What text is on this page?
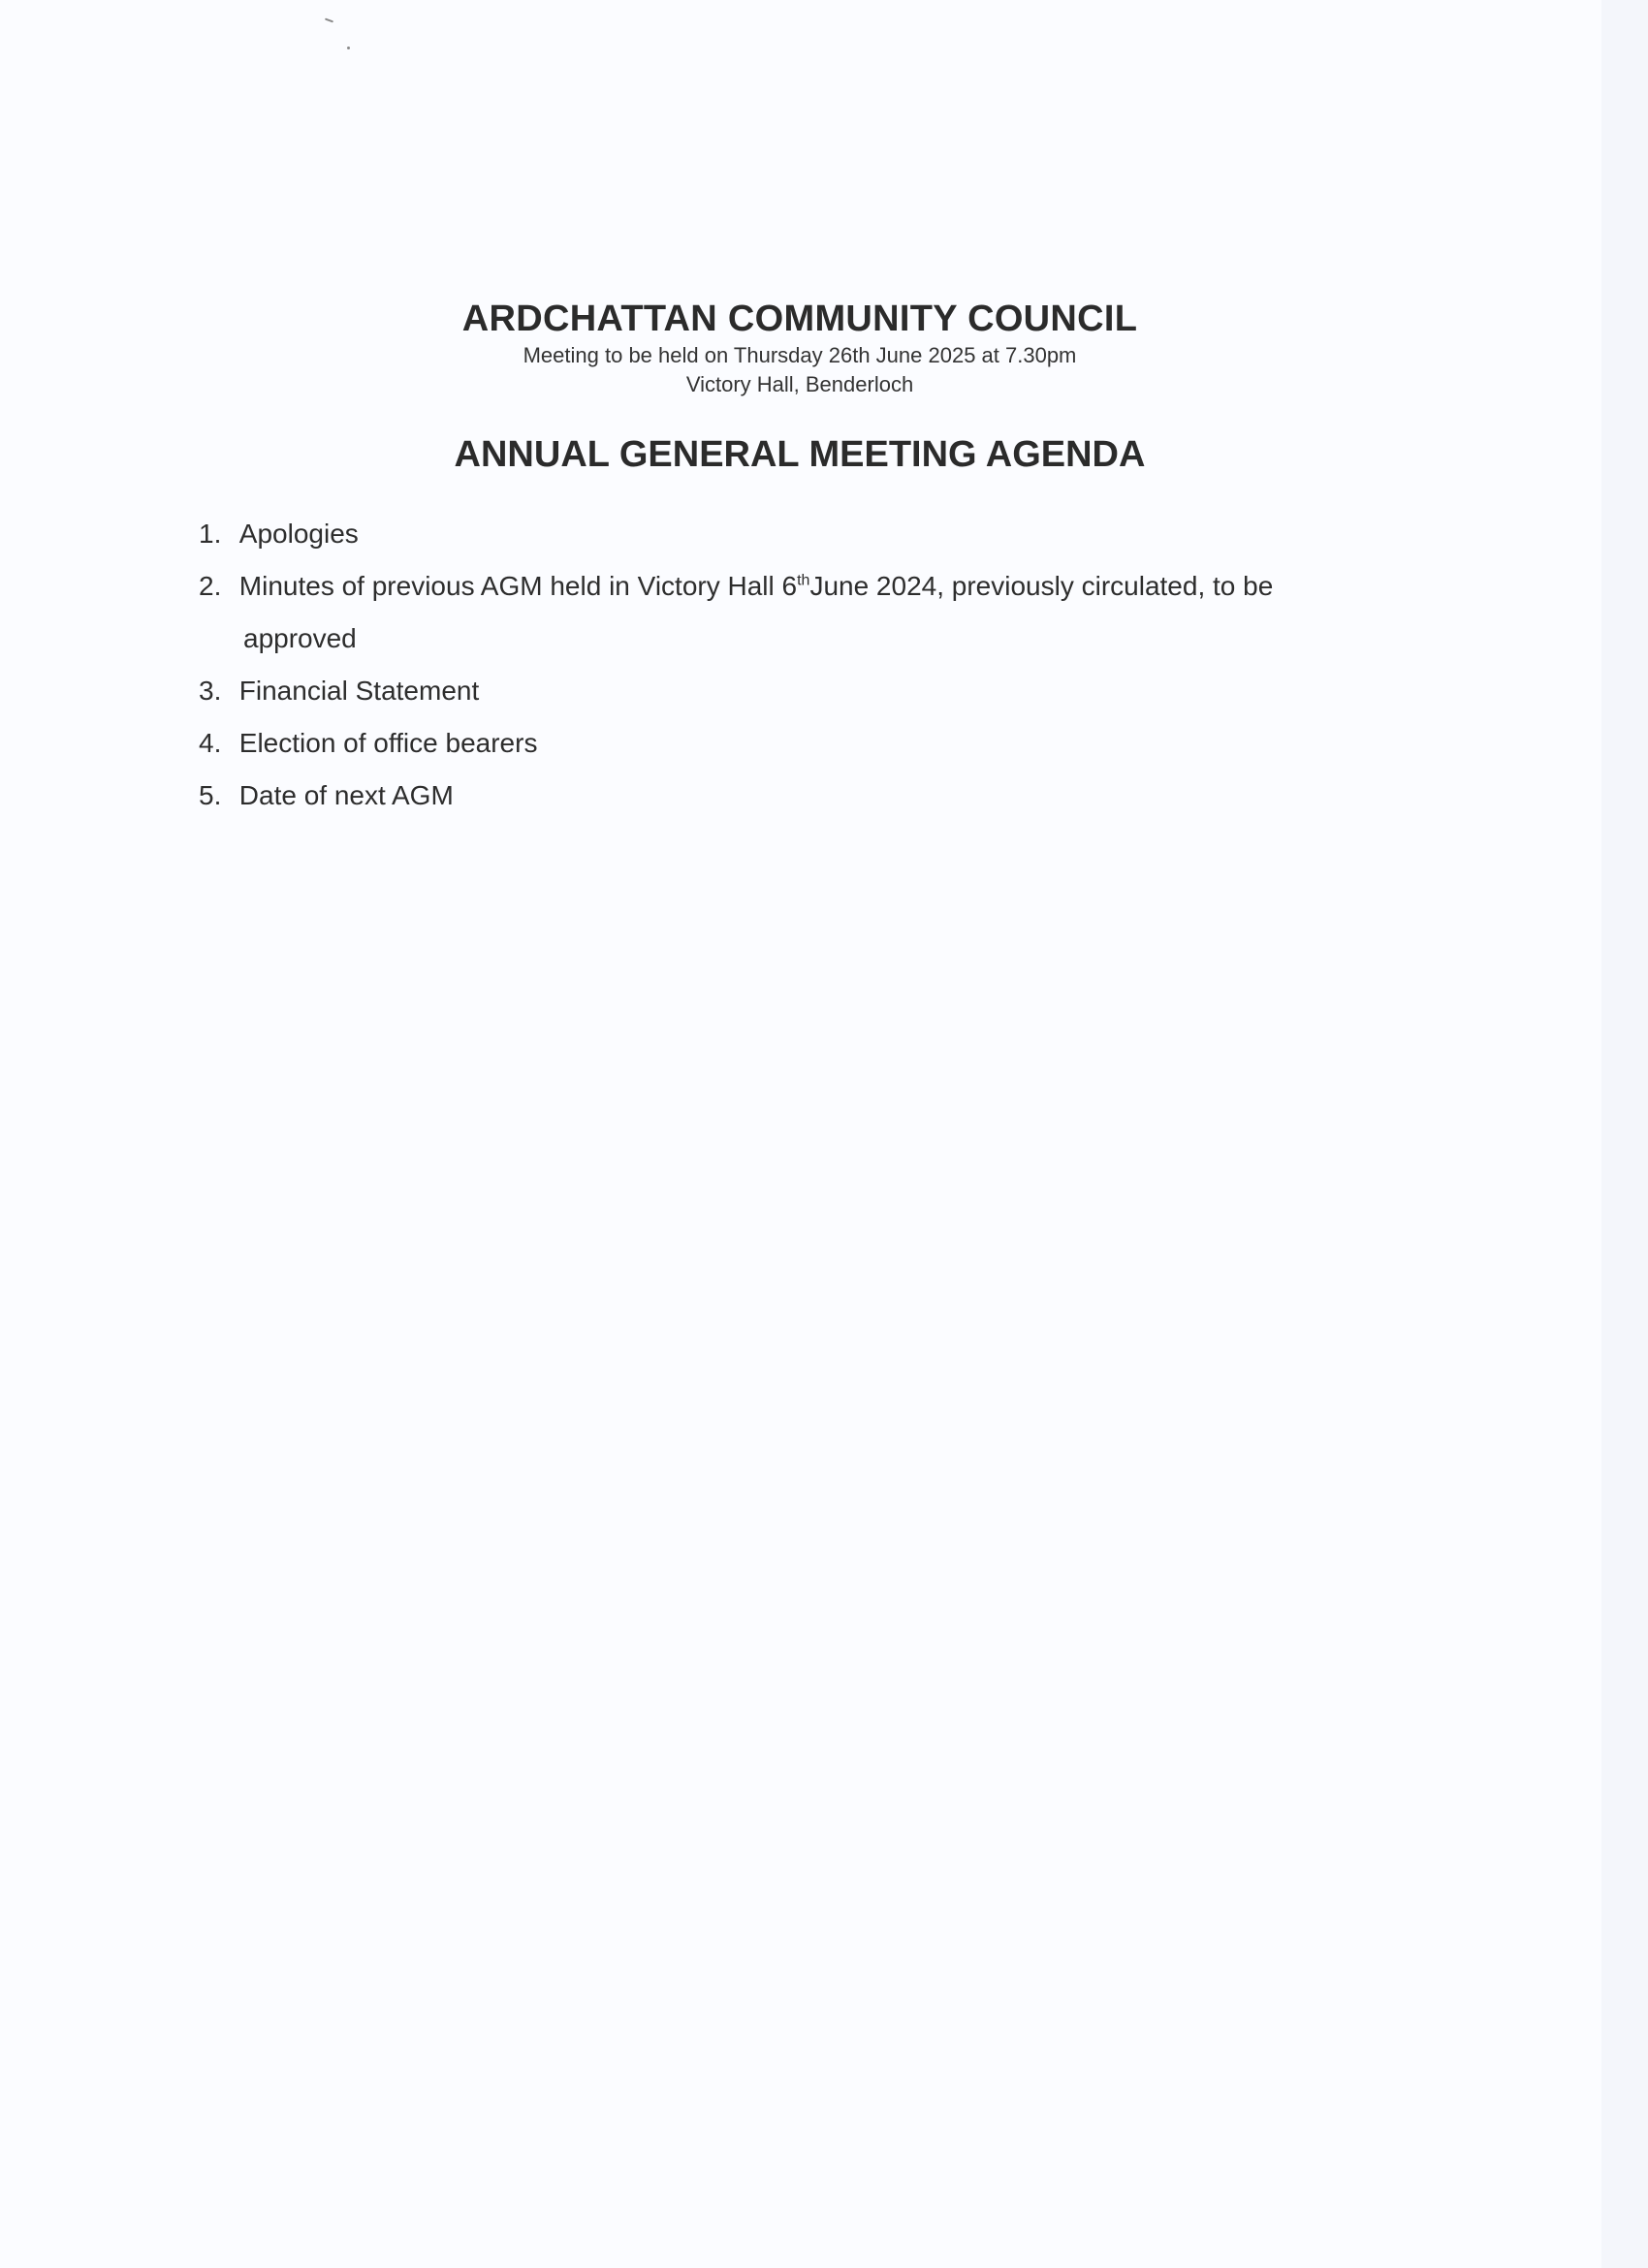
ARDCHATTAN COMMUNITY COUNCIL
Meeting to be held on Thursday 26th June 2025 at 7.30pm
Victory Hall, Benderloch
ANNUAL GENERAL MEETING AGENDA
1.
Apologies
2.
Minutes of previous AGM held in Victory Hall 6thJune 2024, previously circulated, to be
approved
3.
Financial Statement
4.
Election of office bearers
5.
Date of next AGM
